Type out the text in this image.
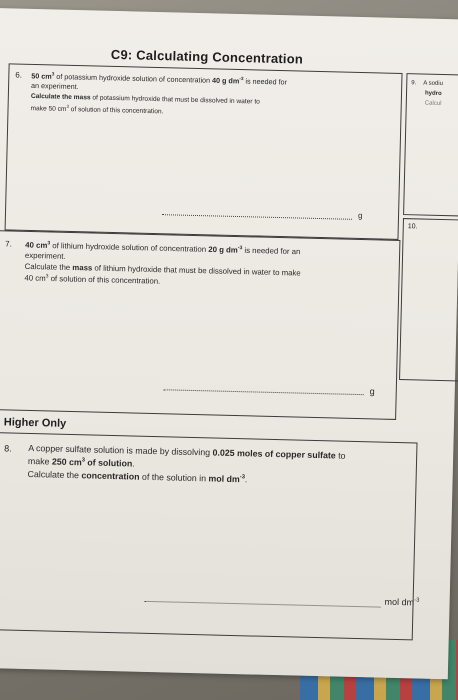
C9: Calculating Concentration
6. 50 $cm^3$ of potassium hydroxide solution of concentration 40 g $dm^{-3}$ is needed for
an experiment.
Calculate the mass of potassium hydroxide that must be dissolved in water to
make 50 $cm^3$ of solution of this concentration.
g
9. A sodiu
hydro
Calcul
10.
7. 40 $cm^3$ of lithium hydroxide solution of concentration 20 g $dm^{-3}$ is needed for an
experiment.
Calculate the mass of lithium hydroxide that must be dissolved in water to make
40 $cm^3$ of solution of this concentration.
g
Higher Only
8. A copper sulfate solution is made by dissolving 0.025 moles of copper sulfate to
make 250 $cm^3$ of solution.
Calculate the concentration of the solution in mol $dm^{-3}$.
mol $dm^{-3}$
